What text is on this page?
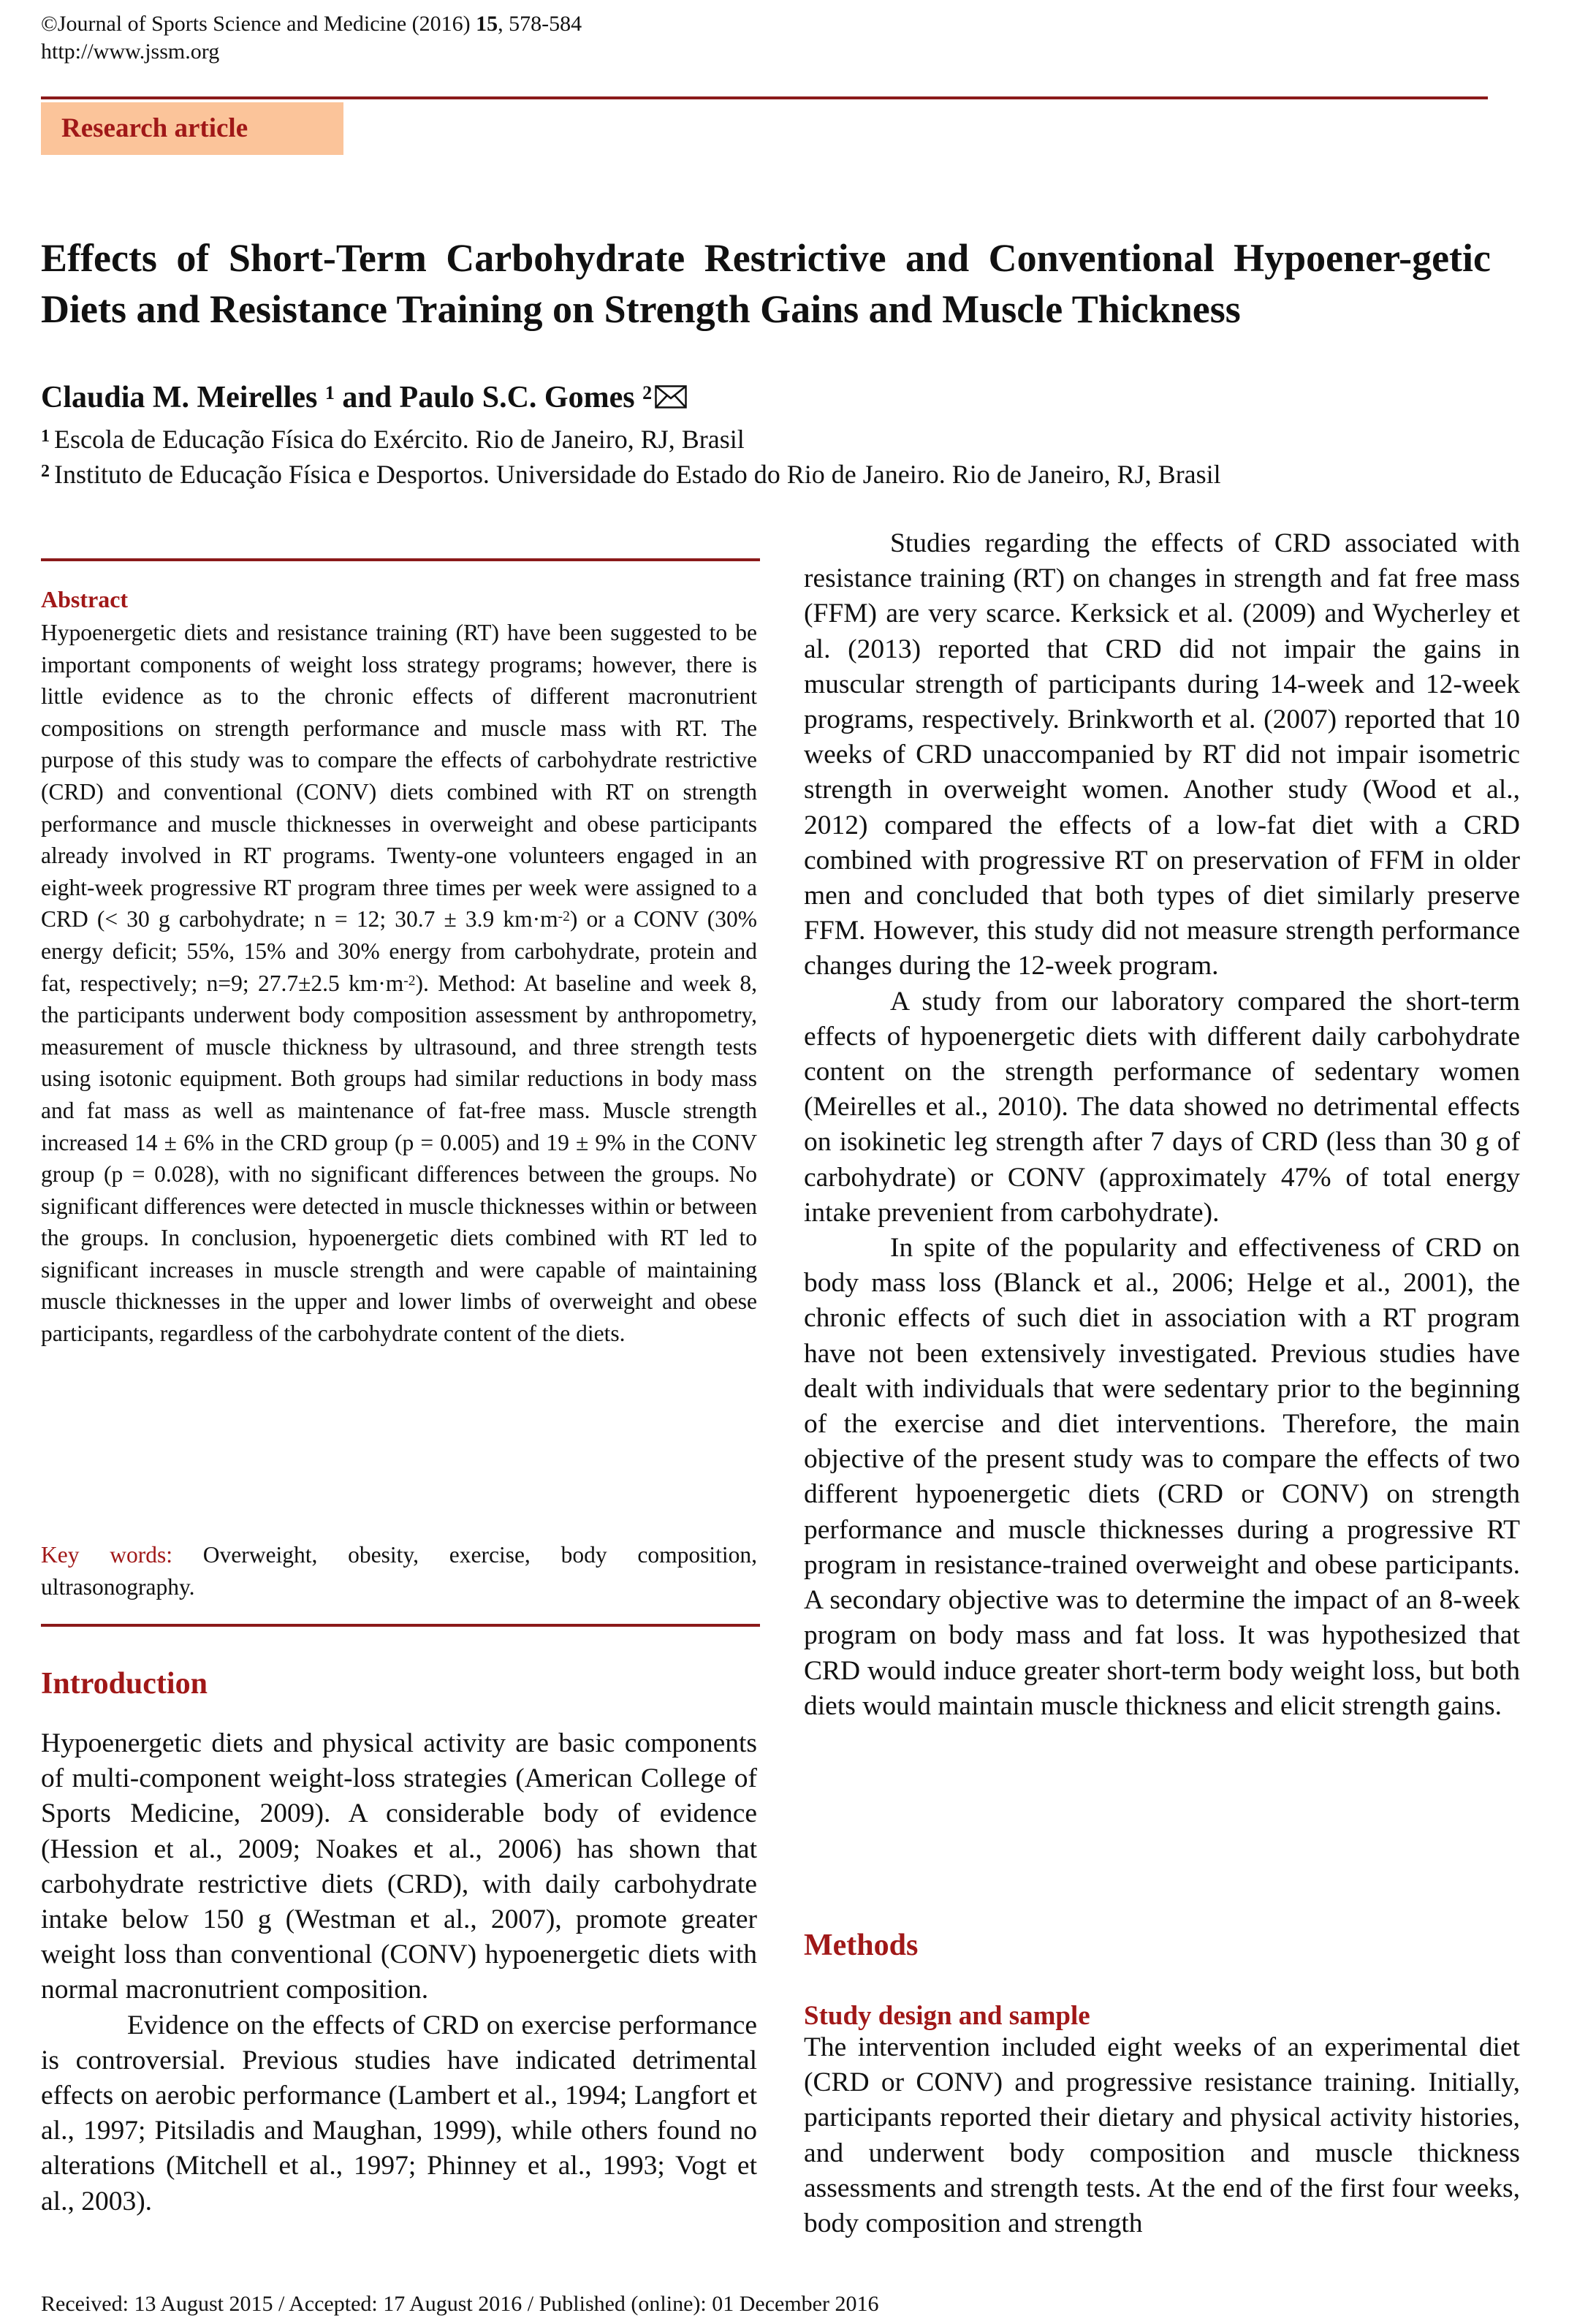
©Journal of Sports Science and Medicine (2016) 15, 578-584
http://www.jssm.org
Research article
Effects of Short-Term Carbohydrate Restrictive and Conventional Hypoener-getic Diets and Resistance Training on Strength Gains and Muscle Thickness
Claudia M. Meirelles $^1$ and Paulo S.C. Gomes $^2$
$^1$ Escola de Educação Física do Exército. Rio de Janeiro, RJ, Brasil
$^2$ Instituto de Educação Física e Desportos. Universidade do Estado do Rio de Janeiro. Rio de Janeiro, RJ, Brasil
Abstract
Hypoenergetic diets and resistance training (RT) have been suggested to be important components of weight loss strategy programs; however, there is little evidence as to the chronic effects of different macronutrient compositions on strength performance and muscle mass with RT. The purpose of this study was to compare the effects of carbohydrate restrictive (CRD) and conventional (CONV) diets combined with RT on strength performance and muscle thicknesses in overweight and obese participants already involved in RT programs. Twenty-one volunteers engaged in an eight-week progressive RT program three times per week were assigned to a CRD (< 30 g carbohydrate; n = 12; 30.7 ± 3.9 $km\cdot m^{-2}$) or a CONV (30% energy deficit; 55%, 15% and 30% energy from carbohydrate, protein and fat, respectively; n=9; 27.7±2.5 $km\cdot m^{-2}$). Method: At baseline and week 8, the participants underwent body composition assessment by anthropometry, measurement of muscle thickness by ultrasound, and three strength tests using isotonic equipment. Both groups had similar reductions in body mass and fat mass as well as maintenance of fat-free mass. Muscle strength increased 14 ± 6% in the CRD group (p = 0.005) and 19 ± 9% in the CONV group (p = 0.028), with no significant differences between the groups. No significant differences were detected in muscle thicknesses within or between the groups. In conclusion, hypoenergetic diets combined with RT led to significant increases in muscle strength and were capable of maintaining muscle thicknesses in the upper and lower limbs of overweight and obese participants, regardless of the carbohydrate content of the diets.
Key words: Overweight, obesity, exercise, body composition, ultrasonography.
Introduction

Hypoenergetic diets and physical activity are basic components of multi-component weight-loss strategies (American College of Sports Medicine, 2009). A considerable body of evidence (Hession et al., 2009; Noakes et al., 2006) has shown that carbohydrate restrictive diets (CRD), with daily carbohydrate intake below 150 g (Westman et al., 2007), promote greater weight loss than conventional (CONV) hypoenergetic diets with normal macronutrient composition.

Evidence on the effects of CRD on exercise performance is controversial. Previous studies have indicated detrimental effects on aerobic performance (Lambert et al., 1994; Langfort et al., 1997; Pitsiladis and Maughan, 1999), while others found no alterations (Mitchell et al., 1997; Phinney et al., 1993; Vogt et al., 2003).

Studies regarding the effects of CRD associated with resistance training (RT) on changes in strength and fat free mass (FFM) are very scarce. Kerksick et al. (2009) and Wycherley et al. (2013) reported that CRD did not impair the gains in muscular strength of participants during 14-week and 12-week programs, respectively. Brinkworth et al. (2007) reported that 10 weeks of CRD unaccompanied by RT did not impair isometric strength in overweight women. Another study (Wood et al., 2012) compared the effects of a low-fat diet with a CRD combined with progressive RT on preservation of FFM in older men and concluded that both types of diet similarly preserve FFM. However, this study did not measure strength performance changes during the 12-week program.

A study from our laboratory compared the short-term effects of hypoenergetic diets with different daily carbohydrate content on the strength performance of sedentary women (Meirelles et al., 2010). The data showed no detrimental effects on isokinetic leg strength after 7 days of CRD (less than 30 g of carbohydrate) or CONV (approximately 47% of total energy intake prevenient from carbohydrate).

In spite of the popularity and effectiveness of CRD on body mass loss (Blanck et al., 2006; Helge et al., 2001), the chronic effects of such diet in association with a RT program have not been extensively investigated. Previous studies have dealt with individuals that were sedentary prior to the beginning of the exercise and diet interventions. Therefore, the main objective of the present study was to compare the effects of two different hypoenergetic diets (CRD or CONV) on strength performance and muscle thicknesses during a progressive RT program in resistance-trained overweight and obese participants. A secondary objective was to determine the impact of an 8-week program on body mass and fat loss. It was hypothesized that CRD would induce greater short-term body weight loss, but both diets would maintain muscle thickness and elicit strength gains.

Methods
Study design and sample

The intervention included eight weeks of an experimental diet (CRD or CONV) and progressive resistance training. Initially, participants reported their dietary and physical activity histories, and underwent body composition and muscle thickness assessments and strength tests. At the end of the first four weeks, body composition and strength

Received: 13 August 2015 / Accepted: 17 August 2016 / Published (online): 01 December 2016
